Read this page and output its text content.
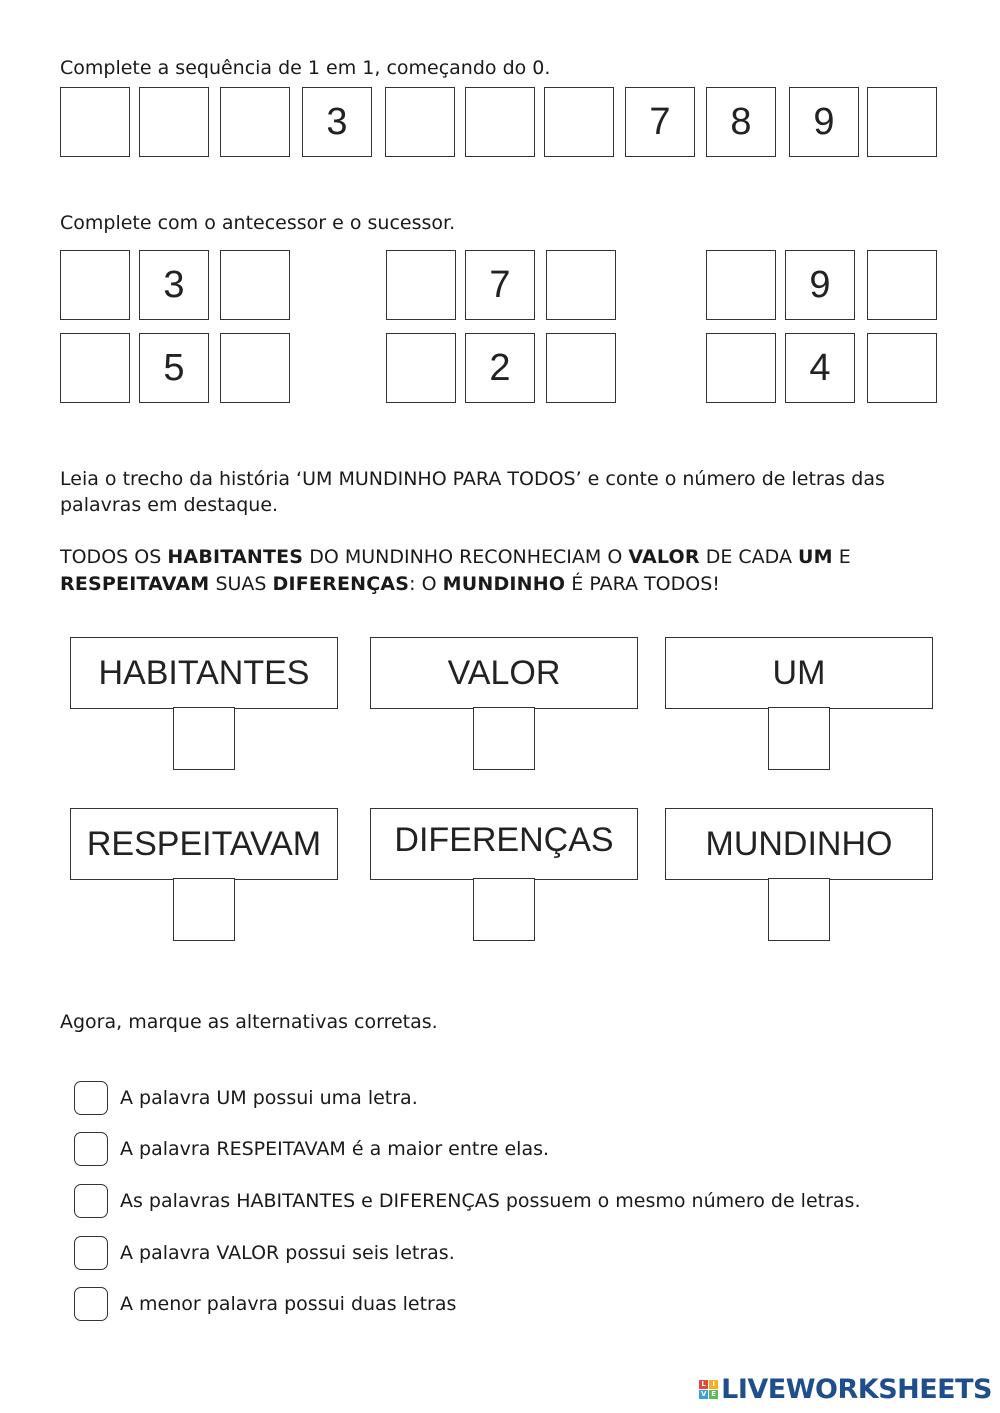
Complete a sequência de 1 em 1, começando do 0.
3	7	8	9
Complete com o antecessor e o sucessor.
3	7	9
5	2	4
Leia o trecho da história ‘UM MUNDINHO PARA TODOS’ e conte o número de letras das palavras em destaque.
TODOS OS HABITANTES DO MUNDINHO RECONHECIAM O VALOR DE CADA UM E RESPEITAVAM SUAS DIFERENÇAS: O MUNDINHO É PARA TODOS!
HABITANTES	VALOR	UM
RESPEITAVAM	DIFERENÇAS	MUNDINHO
Agora, marque as alternativas corretas.
A palavra UM possui uma letra.
A palavra RESPEITAVAM é a maior entre elas.
As palavras HABITANTES e DIFERENÇAS possuem o mesmo número de letras.
A palavra VALOR possui seis letras.
A menor palavra possui duas letras
L I
V E LIVEWORKSHEETS
